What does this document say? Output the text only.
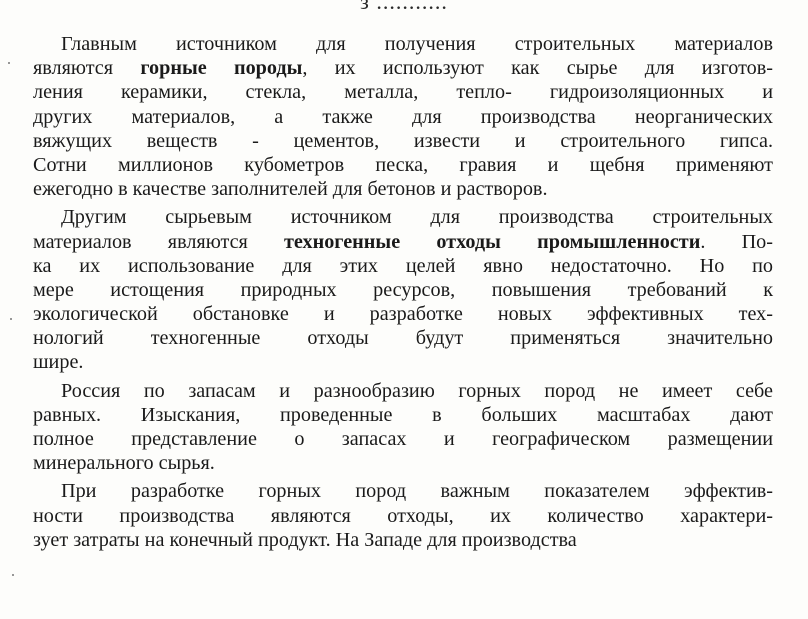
з ...........
Главным источником для получения строительных материалов
являются горные породы, их используют как сырье для изготов-
ления керамики, стекла, металла, тепло- гидроизоляционных и
других материалов, а также для производства неорганических
вяжущих веществ - цементов, извести и строительного гипса.
Сотни миллионов кубометров песка, гравия и щебня применяют
ежегодно в качестве заполнителей для бетонов и растворов.
Другим сырьевым источником для производства строительных
материалов являются техногенные отходы промышленности. По-
ка их использование для этих целей явно недостаточно. Но по
мере истощения природных ресурсов, повышения требований к
экологической обстановке и разработке новых эффективных тех-
нологий техногенные отходы будут применяться значительно
шире.
Россия по запасам и разнообразию горных пород не имеет себе
равных. Изыскания, проведенные в больших масштабах дают
полное представление о запасах и географическом размещении
минерального сырья.
При разработке горных пород важным показателем эффектив-
ности производства являются отходы, их количество характери-
зует затраты на конечный продукт. На Западе для производства
